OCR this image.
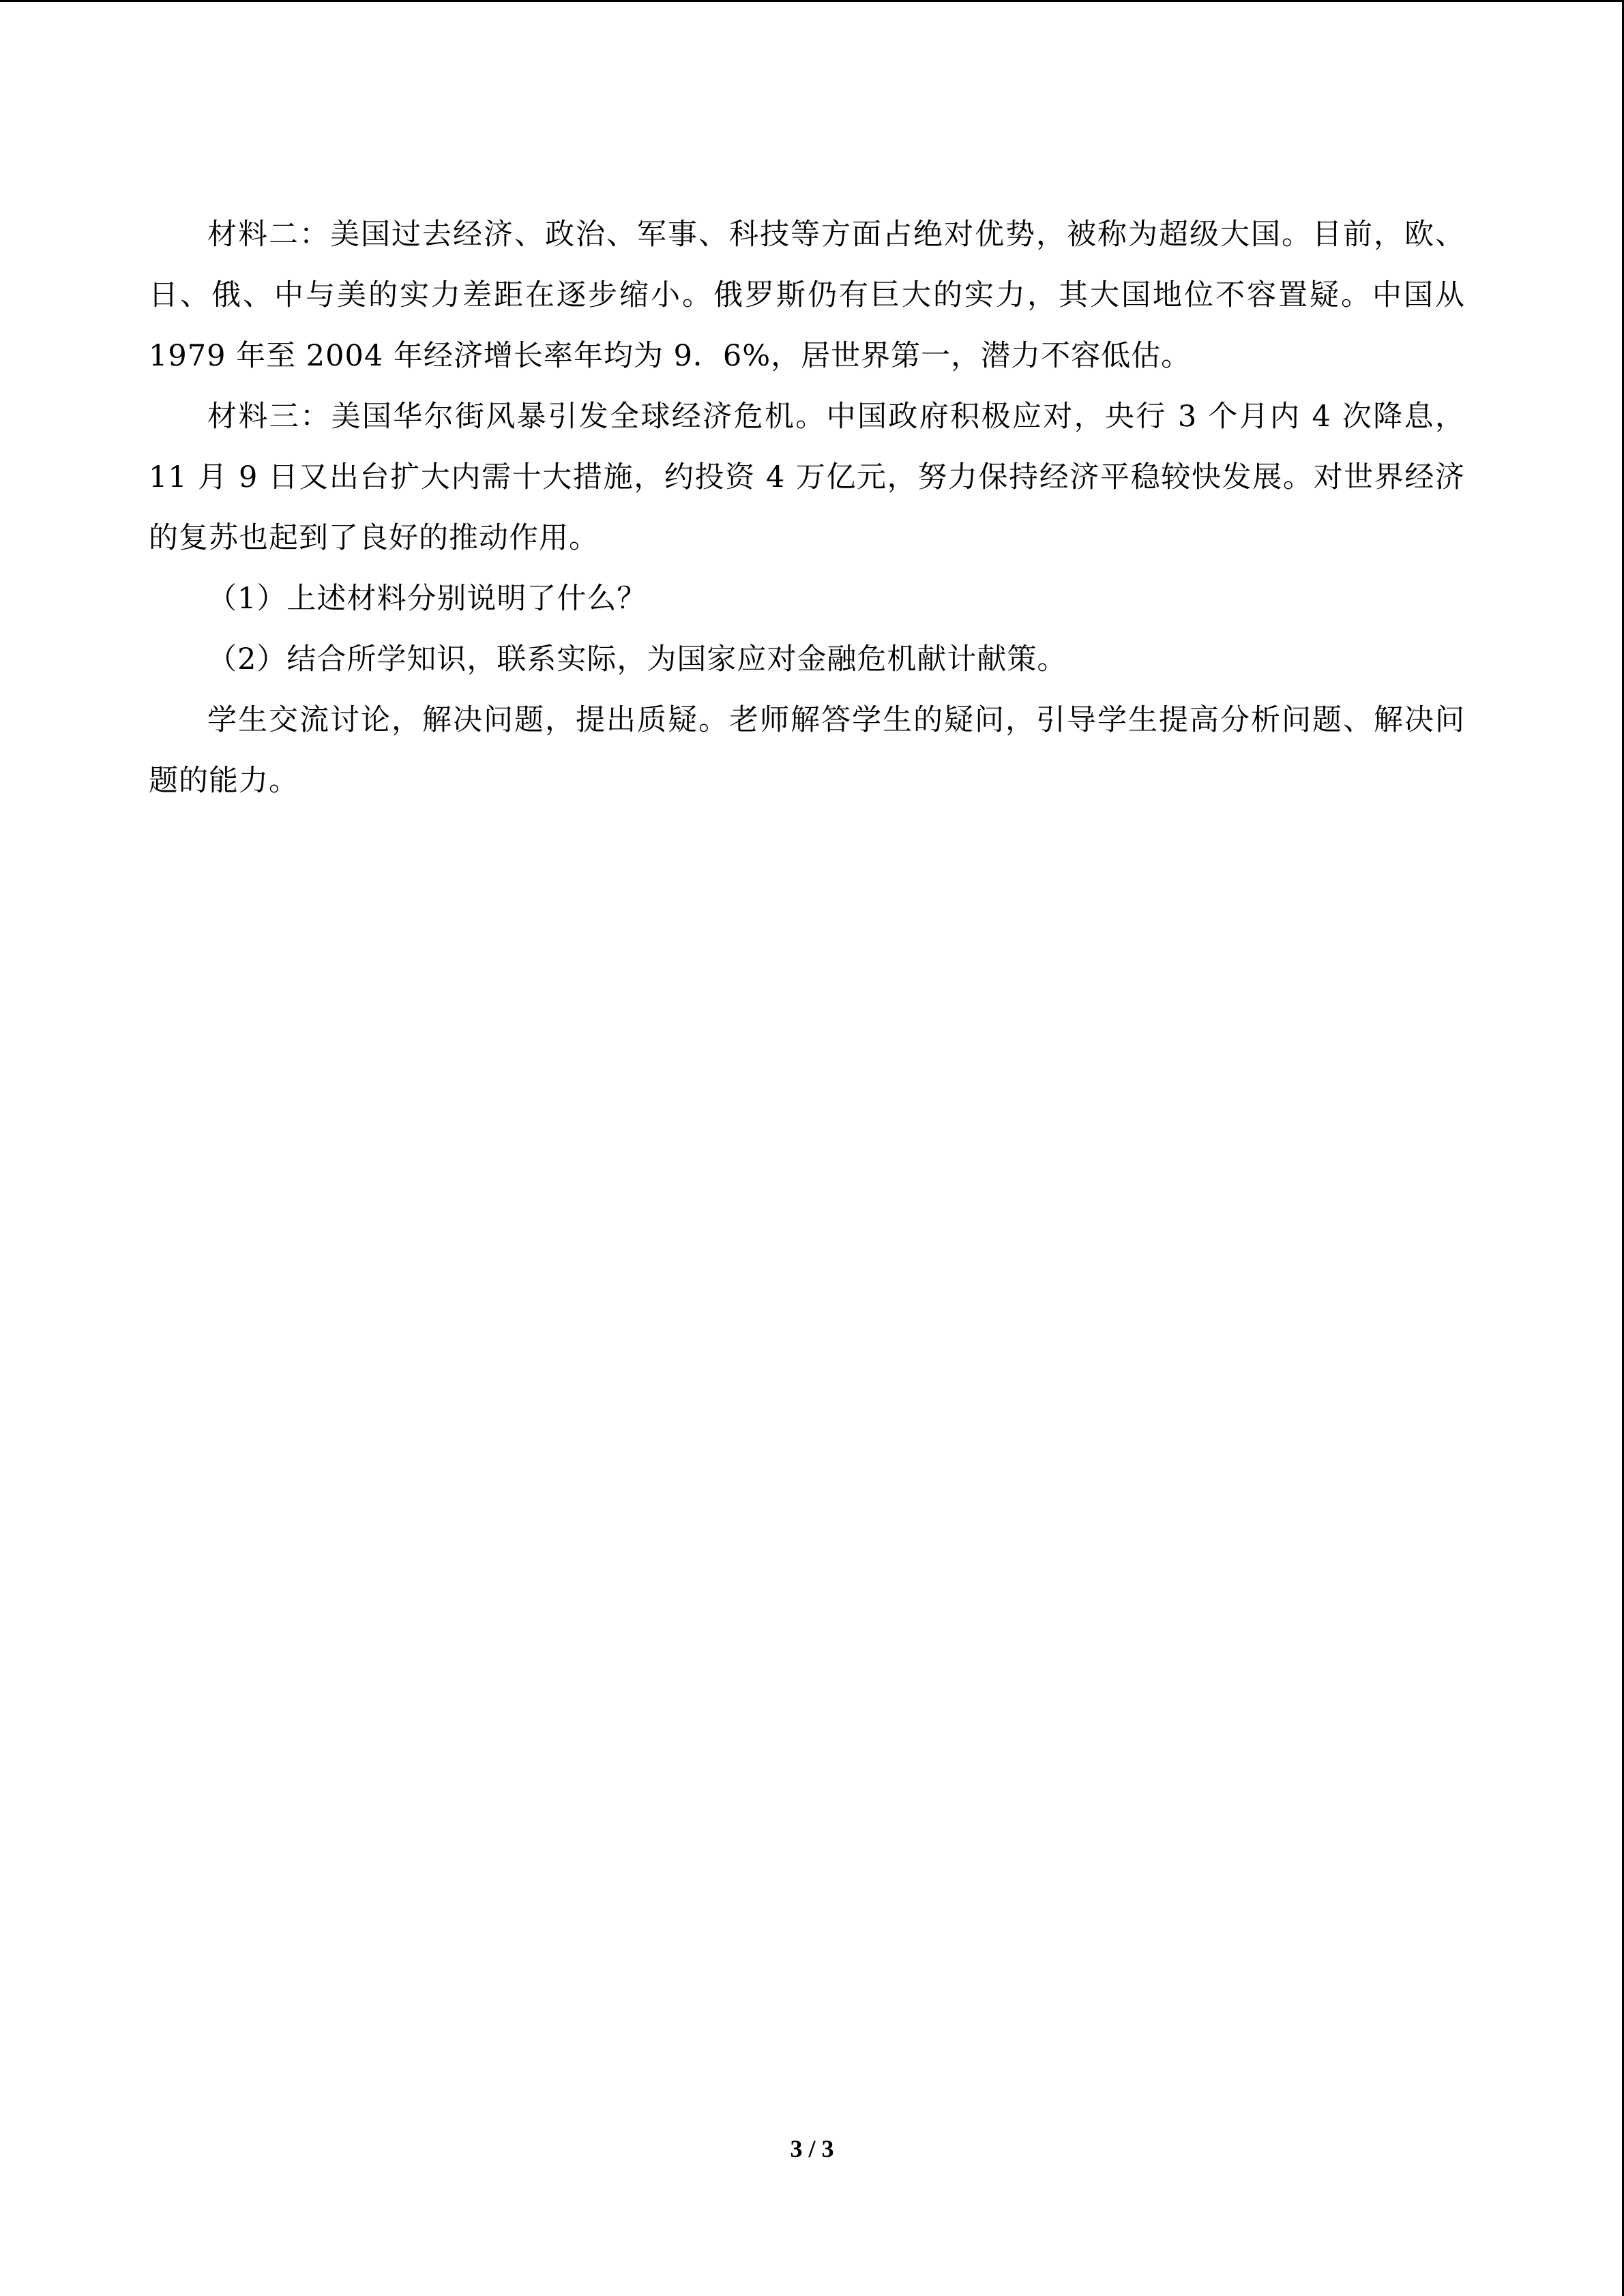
材料二：美国过去经济、政治、军事、科技等方面占绝对优势，被称为超级大国。目前，欧、日、俄、中与美的实力差距在逐步缩小。俄罗斯仍有巨大的实力，其大国地位不容置疑。中国从 1979 年至 2004 年经济增长率年均为 9．6%，居世界第一，潜力不容低估。

材料三：美国华尔街风暴引发全球经济危机。中国政府积极应对，央行 3 个月内 4 次降息，11 月 9 日又出台扩大内需十大措施，约投资 4 万亿元，努力保持经济平稳较快发展。对世界经济的复苏也起到了良好的推动作用。

（1）上述材料分别说明了什么？

（2）结合所学知识，联系实际，为国家应对金融危机献计献策。

学生交流讨论，解决问题，提出质疑。老师解答学生的疑问，引导学生提高分析问题、解决问题的能力。

3 / 3
